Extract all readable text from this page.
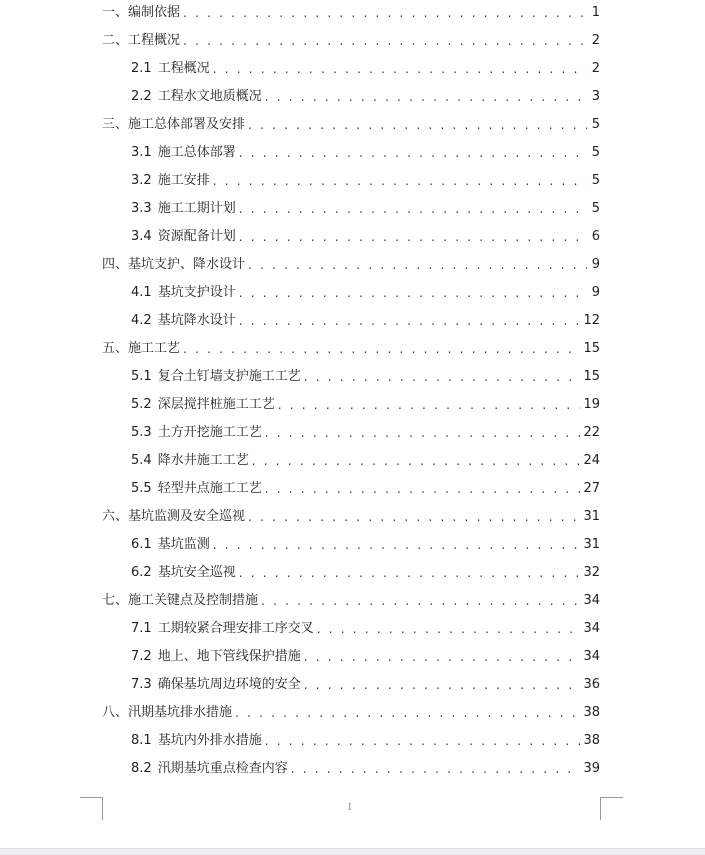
一、 编制依据 . . .	1
二、 工程概况 . . .	2
2.1 工程概况 . . .	2
2.2 工程水文地质概况 . . .	3
三、 施工总体部署及安排 . . .	5
3.1 施工总体部署 . . .	5
3.2 施工安排 . . .	5
3.3 施工工期计划 . . .	5
3.4 资源配备计划 . . .	6
四、 基坑支护、降水设计 . . .	9
4.1 基坑支护设计 . . .	9
4.2 基坑降水设计 . . .	12
五、 施工工艺 . . .	15
5.1 复合土钉墙支护施工工艺 . . .	15
5.2 深层搅拌桩施工工艺 . . .	19
5.3 土方开挖施工工艺 . . .	22
5.4 降水井施工工艺 . . .	24
5.5 轻型井点施工工艺 . . .	27
六、 基坑监测及安全巡视 . . .	31
6.1 基坑监测 . . .	31
6.2 基坑安全巡视 . . .	32
七、 施工关键点及控制措施 . . .	34
7.1 工期较紧合理安排工序交叉 . . .	34
7.2 地上、地下管线保护措施 . . .	34
7.3 确保基坑周边环境的安全 . . .	36
八、 汛期基坑排水措施 . . .	38
8.1 基坑内外排水措施 . . .	38
8.2 汛期基坑重点检查内容 . . .	39
I
